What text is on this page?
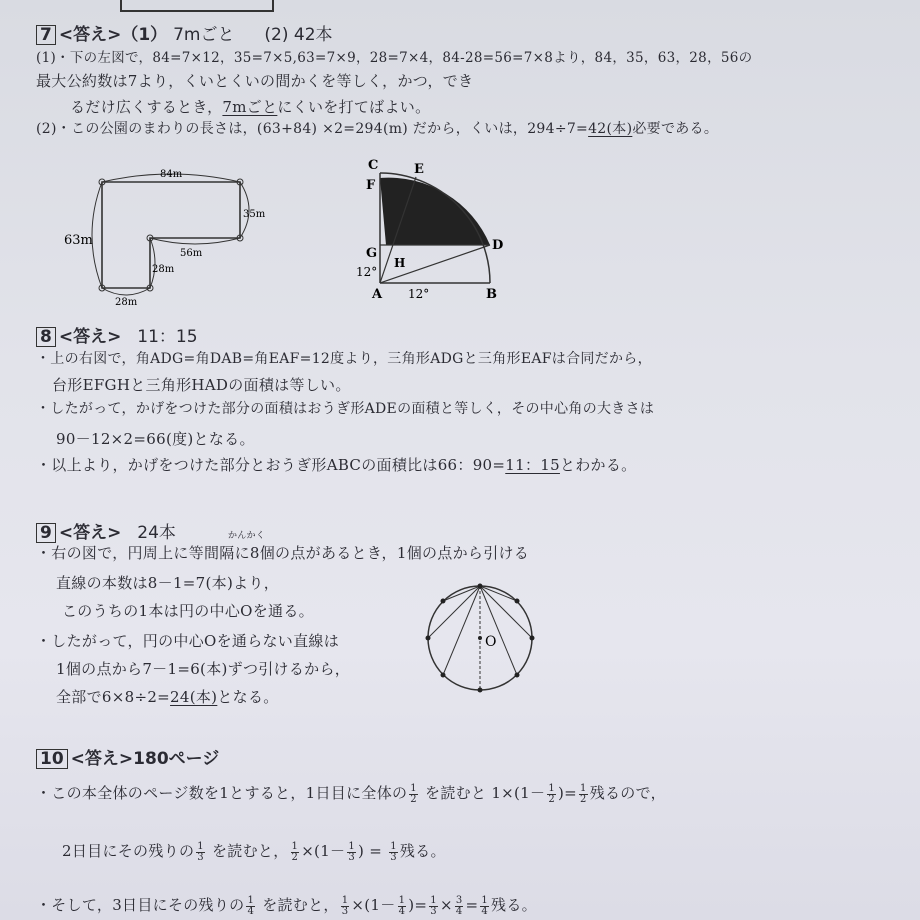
7 <答え>（1） 7mごと (2) 42本
(1)・下の左図で，84=7×12，35=7×5,63=7×9，28=7×4，84-28=56=7×8より，84，35，63，28，56の
最大公約数は7より，くいとくいの間かくを等しく，かつ，でき
るだけ広くするとき，7mごとにくいを打てばよい。
(2)・この公園のまわりの長さは，(63+84) ×2=294(m) だから，くいは，294÷7=42(本)必要である。
84m
35m
63m
56m
28m
28m
C	E
F
G
H
D
A	B
12°
12°
8 <答え> 11：15
・上の右図で，角ADG=角DAB=角EAF=12度より，三角形ADGと三角形EAFは合同だから，
台形EFGHと三角形HADの面積は等しい。
・したがって，かげをつけた部分の面積はおうぎ形ADEの面積と等しく，その中心角の大きさは
90－12×2=66(度)となる。
・以上より，かげをつけた部分とおうぎ形ABCの面積比は66：90=11：15とわかる。
かんかく
9 <答え> 24本
・右の図で，円周上に等間隔に8個の点があるとき，1個の点から引ける
直線の本数は8－1=7(本)より，
このうちの1本は円の中心Oを通る。
・したがって，円の中心Oを通らない直線は
1個の点から7－1=6(本)ずつ引けるから，
全部で6×8÷2=24(本)となる。
O
10 <答え>180ページ
・この本全体のページ数を1とすると，1日目に全体の $\frac{1}{2}$ を読むと $1\times(1- \frac{1}{2}$ )= $\frac{1}{2}$ 残るので，
2日目にその残りの $\frac{1}{3}$ を読むと， $\frac{1}{2} \times(1- \frac{1}{3}$ ) = $\frac{1}{3}$ 残る。
・そして，3日目にその残りの $\frac{1}{4}$ を読むと， $\frac{1}{3} \times(1- \frac{1}{4}$ )= $\frac{1}{3} \times \frac{3}{4} = \frac{1}{4}$ 残る。
